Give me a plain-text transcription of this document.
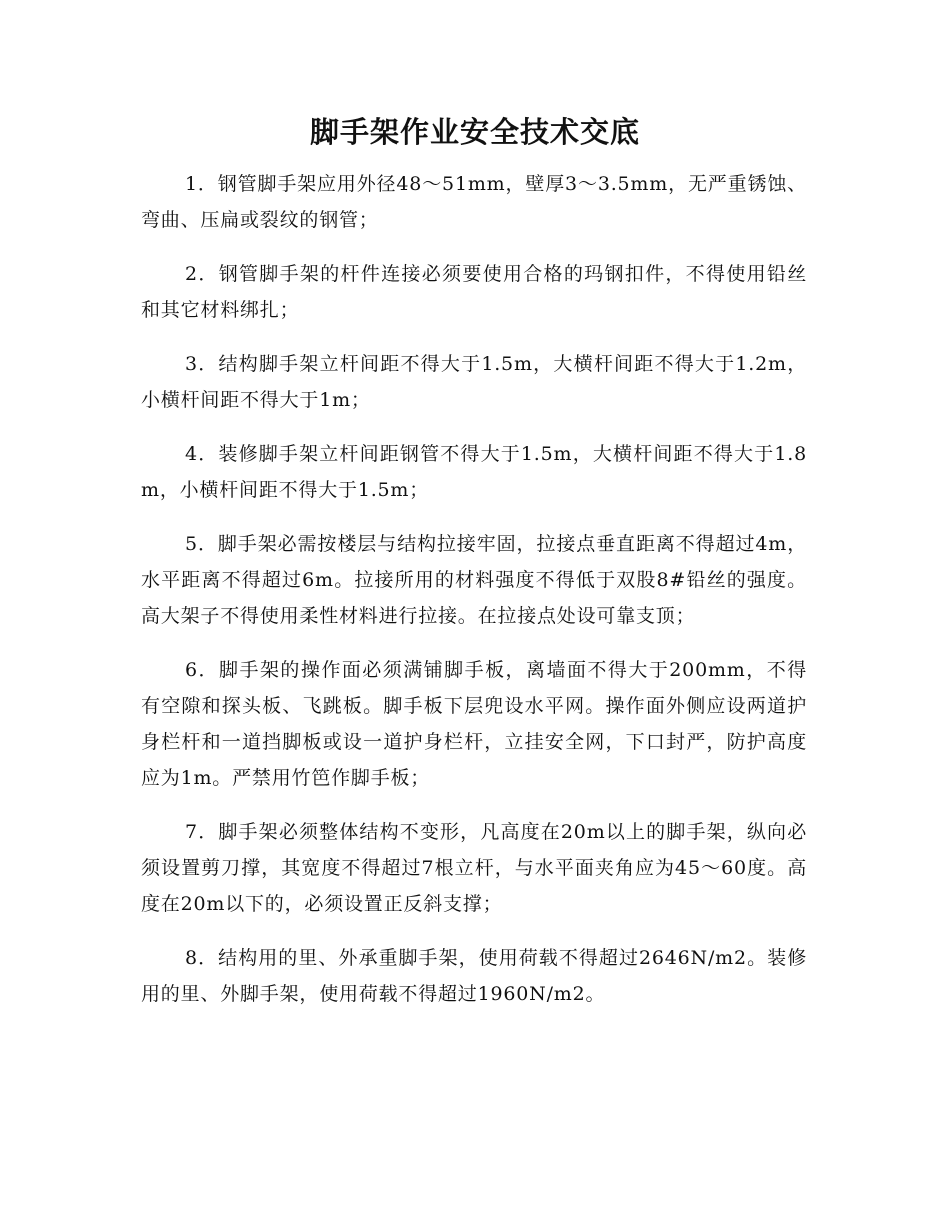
脚手架作业安全技术交底

1．钢管脚手架应用外径48～51mm，壁厚3～3.5mm，无严重锈蚀、弯曲、压扁或裂纹的钢管；

2．钢管脚手架的杆件连接必须要使用合格的玛钢扣件，不得使用铅丝和其它材料绑扎；

3．结构脚手架立杆间距不得大于1.5m，大横杆间距不得大于1.2m，小横杆间距不得大于1m；

4．装修脚手架立杆间距钢管不得大于1.5m，大横杆间距不得大于1.8m，小横杆间距不得大于1.5m；

5．脚手架必需按楼层与结构拉接牢固，拉接点垂直距离不得超过4m，水平距离不得超过6m。拉接所用的材料强度不得低于双股8#铅丝的强度。高大架子不得使用柔性材料进行拉接。在拉接点处设可靠支顶；

6．脚手架的操作面必须满铺脚手板，离墙面不得大于200mm，不得有空隙和探头板、飞跳板。脚手板下层兜设水平网。操作面外侧应设两道护身栏杆和一道挡脚板或设一道护身栏杆，立挂安全网，下口封严，防护高度应为1m。严禁用竹笆作脚手板；

7．脚手架必须整体结构不变形，凡高度在20m以上的脚手架，纵向必须设置剪刀撑，其宽度不得超过7根立杆，与水平面夹角应为45～60度。高度在20m以下的，必须设置正反斜支撑；

8．结构用的里、外承重脚手架，使用荷载不得超过2646N/m2。装修用的里、外脚手架，使用荷载不得超过1960N/m2。
